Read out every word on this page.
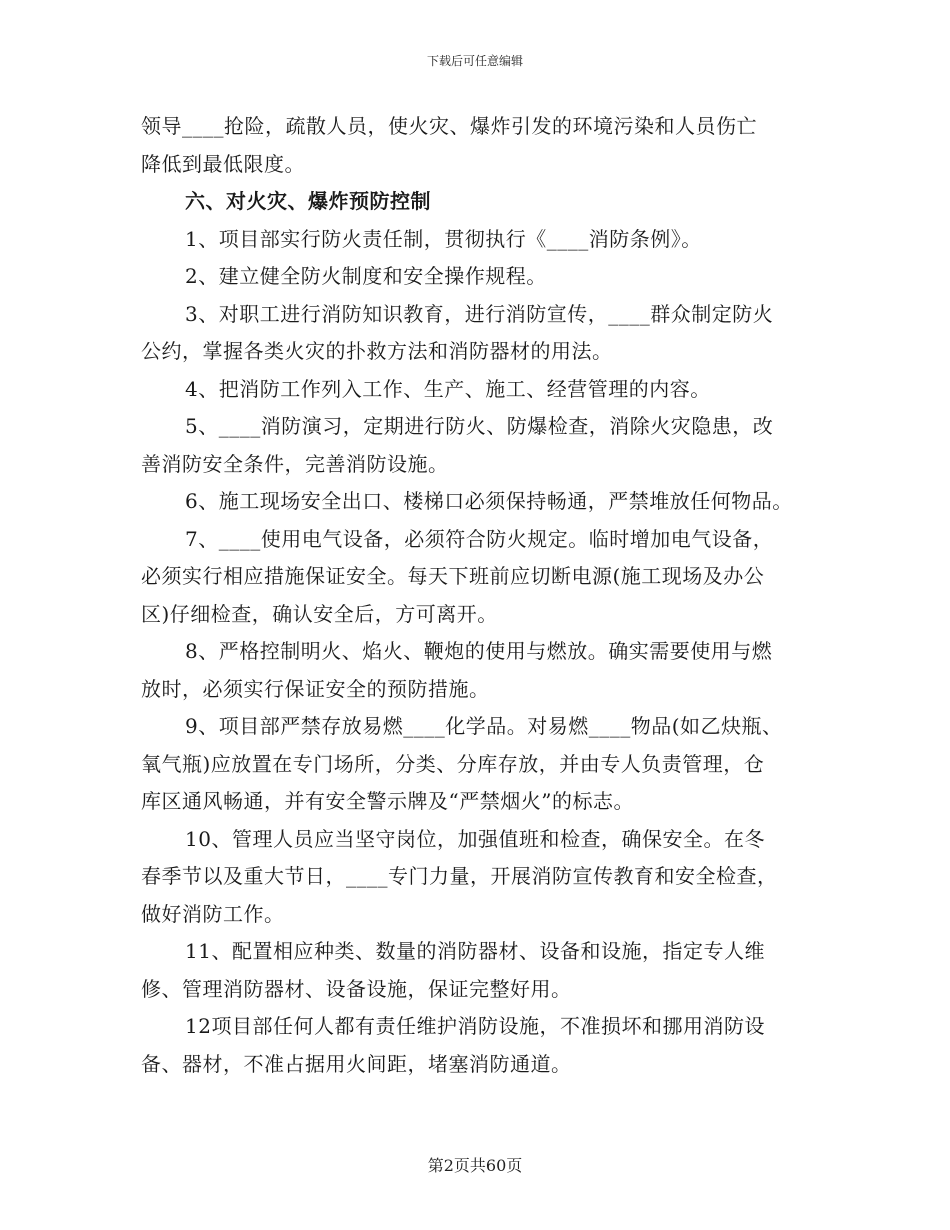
下载后可任意编辑
领导____抢险，疏散人员，使火灾、爆炸引发的环境污染和人员伤亡
降低到最低限度。
六、对火灾、爆炸预防控制
1、项目部实行防火责任制，贯彻执行《____消防条例》。
2、建立健全防火制度和安全操作规程。
3、对职工进行消防知识教育，进行消防宣传，____群众制定防火
公约，掌握各类火灾的扑救方法和消防器材的用法。
4、把消防工作列入工作、生产、施工、经营管理的内容。
5、____消防演习，定期进行防火、防爆检查，消除火灾隐患，改
善消防安全条件，完善消防设施。
6、施工现场安全出口、楼梯口必须保持畅通，严禁堆放任何物品。
7、____使用电气设备，必须符合防火规定。临时增加电气设备，
必须实行相应措施保证安全。每天下班前应切断电源(施工现场及办公
区)仔细检查，确认安全后，方可离开。
8、严格控制明火、焰火、鞭炮的使用与燃放。确实需要使用与燃
放时，必须实行保证安全的预防措施。
9、项目部严禁存放易燃____化学品。对易燃____物品(如乙炔瓶、
氧气瓶)应放置在专门场所，分类、分库存放，并由专人负责管理，仓
库区通风畅通，并有安全警示牌及“严禁烟火”的标志。
10、管理人员应当坚守岗位，加强值班和检查，确保安全。在冬
春季节以及重大节日，____专门力量，开展消防宣传教育和安全检查，
做好消防工作。
11、配置相应种类、数量的消防器材、设备和设施，指定专人维
修、管理消防器材、设备设施，保证完整好用。
12项目部任何人都有责任维护消防设施，不准损坏和挪用消防设
备、器材，不准占据用火间距，堵塞消防通道。
第2页共60页
